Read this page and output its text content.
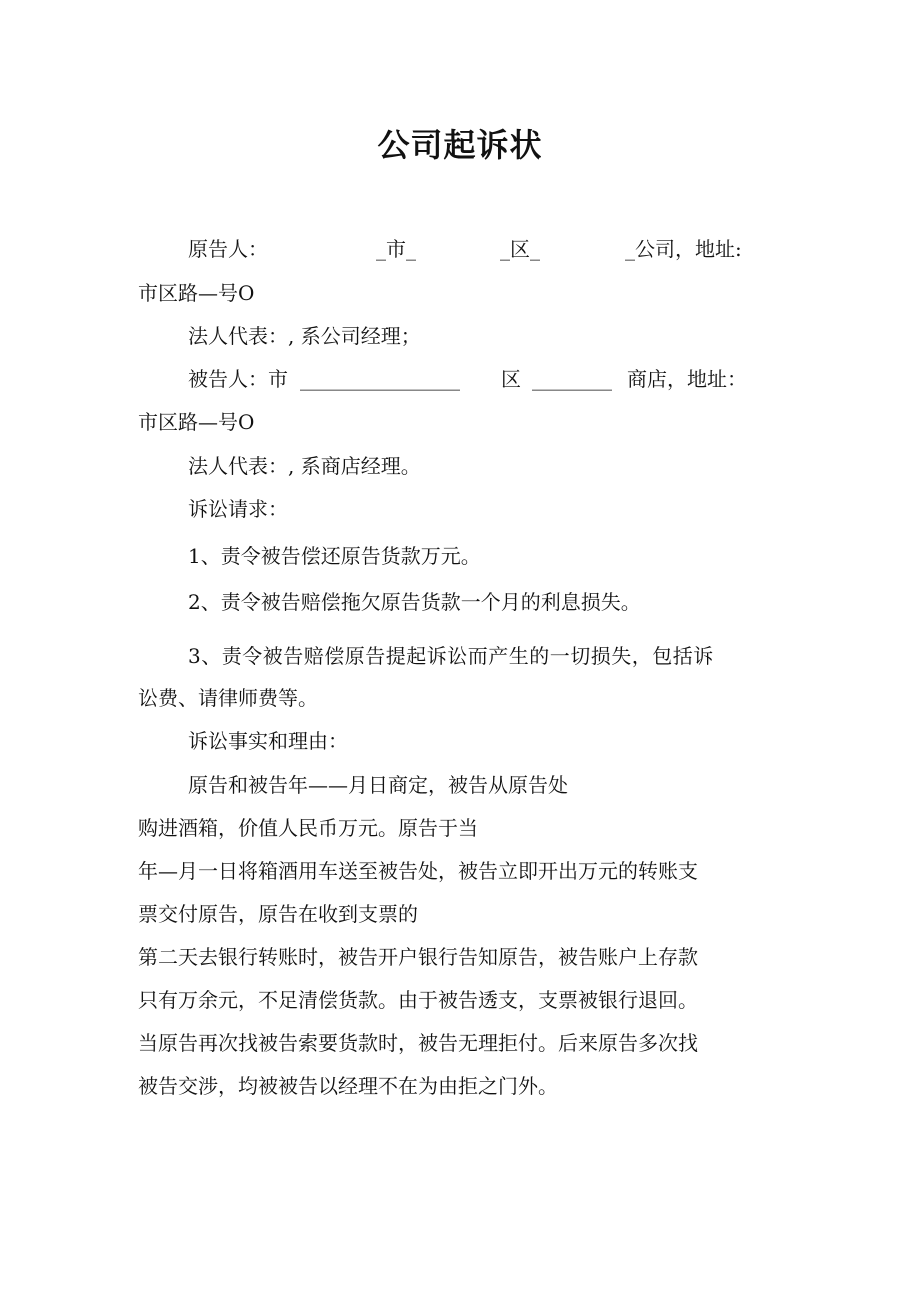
公司起诉状
原告人：	_市_	_区_	_公司，地址:
市区路—号O
法人代表：, 系公司经理；
被告人：市 ________________ 区 ________ 商店，地址：
市区路—号O
法人代表：, 系商店经理。
诉讼请求：
1、责令被告偿还原告货款万元。
2、责令被告赔偿拖欠原告货款一个月的利息损失。
3、责令被告赔偿原告提起诉讼而产生的一切损失，包括诉
讼费、请律师费等。
诉讼事实和理由：
原告和被告年——月日商定，被告从原告处
购进酒箱，价值人民币万元。原告于当
年—月一日将箱酒用车送至被告处，被告立即开出万元的转账支
票交付原告，原告在收到支票的
第二天去银行转账时，被告开户银行告知原告，被告账户上存款
只有万余元，不足清偿货款。由于被告透支，支票被银行退回。
当原告再次找被告索要货款时，被告无理拒付。后来原告多次找
被告交涉，均被被告以经理不在为由拒之门外。
